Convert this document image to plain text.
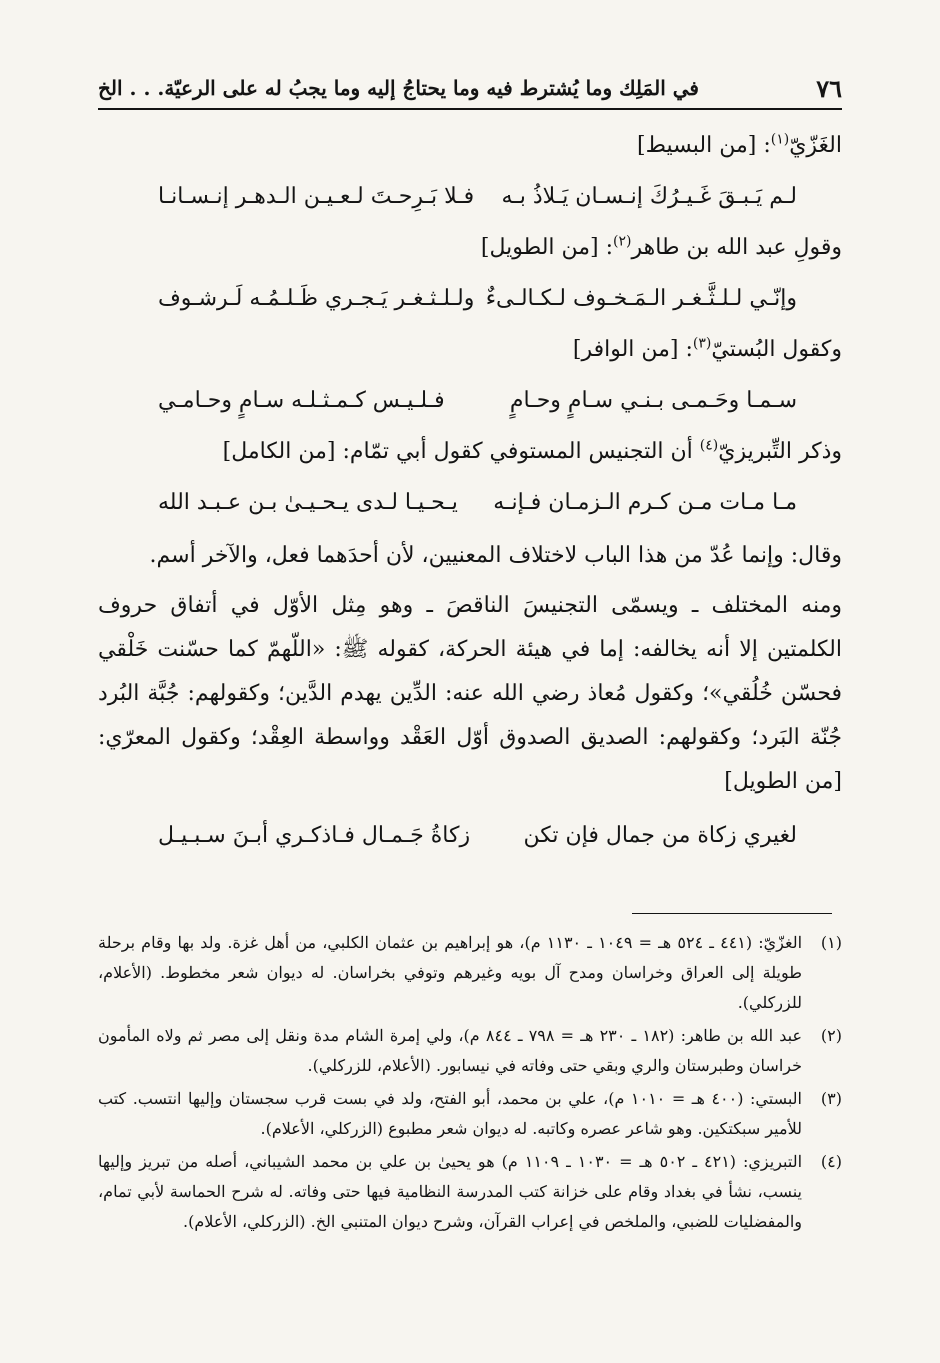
٧٦
في المَلِك وما يُشترط فيه وما يحتاجُ إليه وما يجبُ له على الرعيّة. . . الخ
الغَزّيّ$^{(١)}$: [من البسيط]
لـم يَـبـقَ غَـيـرُكَ إنـسـان يَـلاذُ بـه
فـلا بَـرِحـتَ لـعـيـن الـدهـر إنـسـانـا
وقولِ عبد الله بن طاهر$^{(٢)}$: [من الطويل]
وإنّـي لـلـثَّـغـر الـمَـخـوف لـكـالـىءٌ
ولـلـثـغـر يَـجـري ظَـلـمُـه لَـرشـوف
وكقول البُستيّ$^{(٣)}$: [من الوافر]
سـمـا وحَـمـى بـنـي سـامٍ وحـامٍ
فـلـيـس كـمـثـلـه سـامٍ وحـامـي
وذكر التِّبريزيّ$^{(٤)}$ أن التجنيس المستوفي كقول أبي تمّام: [من الكامل]
مـا مـات مـن كـرم الـزمـان فـإنـه
يـحـيـا لـدى يـحـيـىٰ بـن عـبـد الله
وقال: وإنما عُدّ من هذا الباب لاختلاف المعنيين، لأن أحدَهما فعل، والآخر أسم.
ومنه المختلف ـ ويسمّى التجنيسَ الناقصَ ـ وهو مِثل الأوّل في أتفاق حروف الكلمتين إلا أنه يخالفه: إما في هيئة الحركة، كقوله ﷺ: «اللّهمّ كما حسّنت خَلْقي فحسّن خُلُقي»؛ وكقول مُعاذ رضي الله عنه: الدِّين يهدم الدَّين؛ وكقولهم: جُبَّة البُرد جُنّة البَرد؛ وكقولهم: الصديق الصدوق أوّل العَقْد وواسطة العِقْد؛ وكقول المعرّي: [من الطويل]
لغيري زكاة من جمال فإن تكن
زكاةُ جَـمـال فـاذكـري أبـنَ سـبـيـل
(١)
الغزّيّ: (٤٤١ ـ ٥٢٤ هـ = ١٠٤٩ ـ ١١٣٠ م)، هو إبراهيم بن عثمان الكلبي، من أهل غزة. ولد بها وقام برحلة طويلة إلى العراق وخراسان ومدح آل بويه وغيرهم وتوفي بخراسان. له ديوان شعر مخطوط. (الأعلام، للزركلي).
(٢)
عبد الله بن طاهر: (١٨٢ ـ ٢٣٠ هـ = ٧٩٨ ـ ٨٤٤ م)، ولي إمرة الشام مدة ونقل إلى مصر ثم ولاه المأمون خراسان وطبرستان والري وبقي حتى وفاته في نيسابور. (الأعلام، للزركلي).
(٣)
البستي: (٤٠٠ هـ = ١٠١٠ م)، علي بن محمد، أبو الفتح، ولد في بست قرب سجستان وإليها انتسب. كتب للأمير سبكتكين. وهو شاعر عصره وكاتبه. له ديوان شعر مطبوع (الزركلي، الأعلام).
(٤)
التبريزي: (٤٢١ ـ ٥٠٢ هـ = ١٠٣٠ ـ ١١٠٩ م) هو يحيىٰ بن علي بن محمد الشيباني، أصله من تبريز وإليها ينسب، نشأ في بغداد وقام على خزانة كتب المدرسة النظامية فيها حتى وفاته. له شرح الحماسة لأبي تمام، والمفضليات للضبي، والملخص في إعراب القرآن، وشرح ديوان المتنبي الخ. (الزركلي، الأعلام).
